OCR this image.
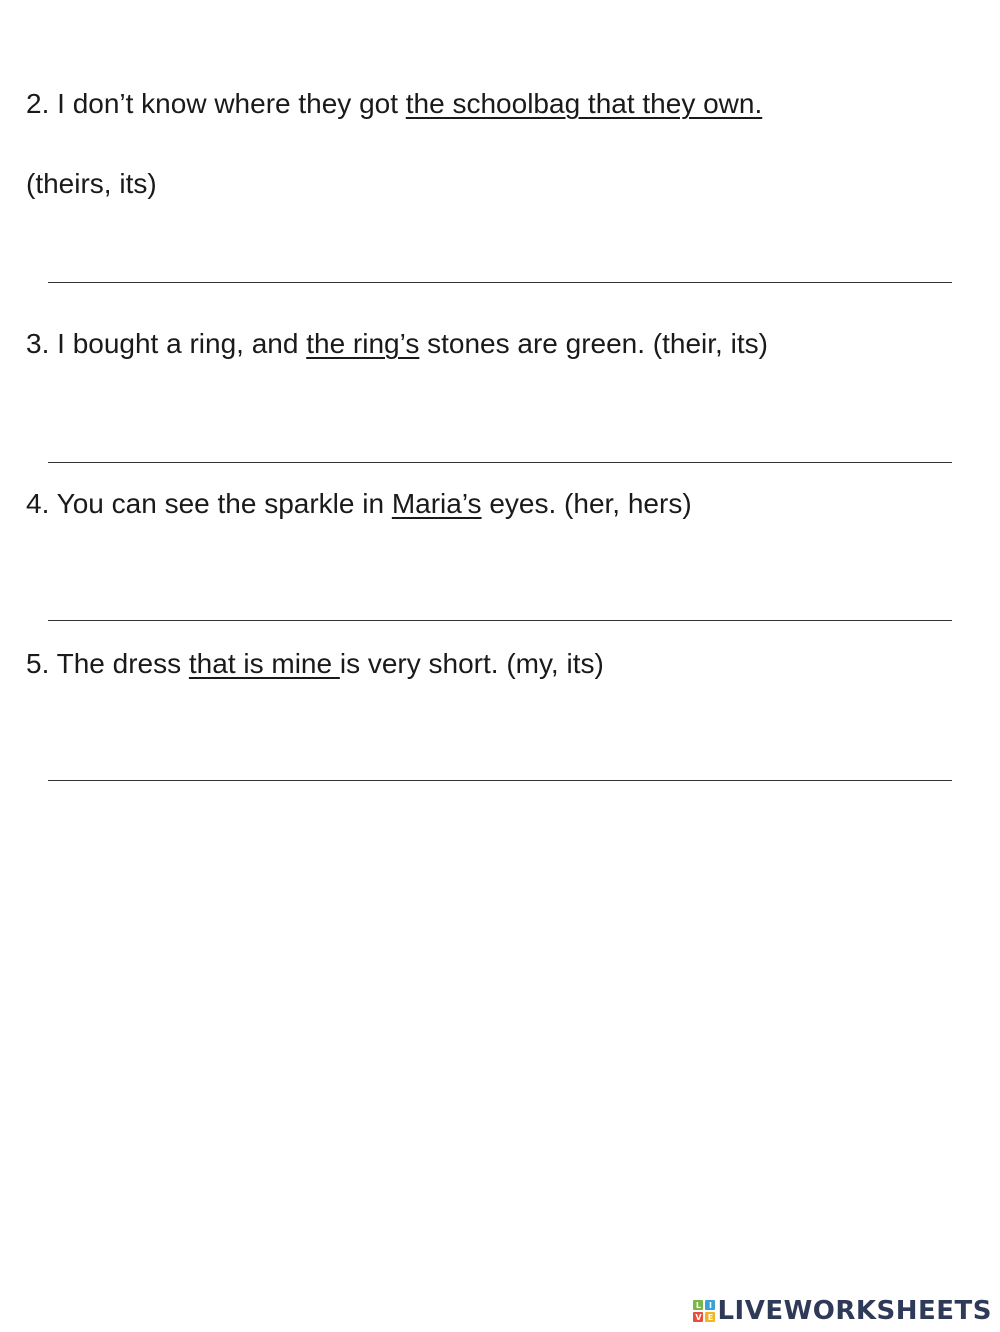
2. I don’t know where they got the schoolbag that they own.
(theirs, its)
3. I bought a ring, and the ring’s stones are green. (their, its)
4. You can see the sparkle in Maria’s eyes. (her, hers)
5. The dress that is mine is very short. (my, its)
L I
V E LIVEWORKSHEETS
